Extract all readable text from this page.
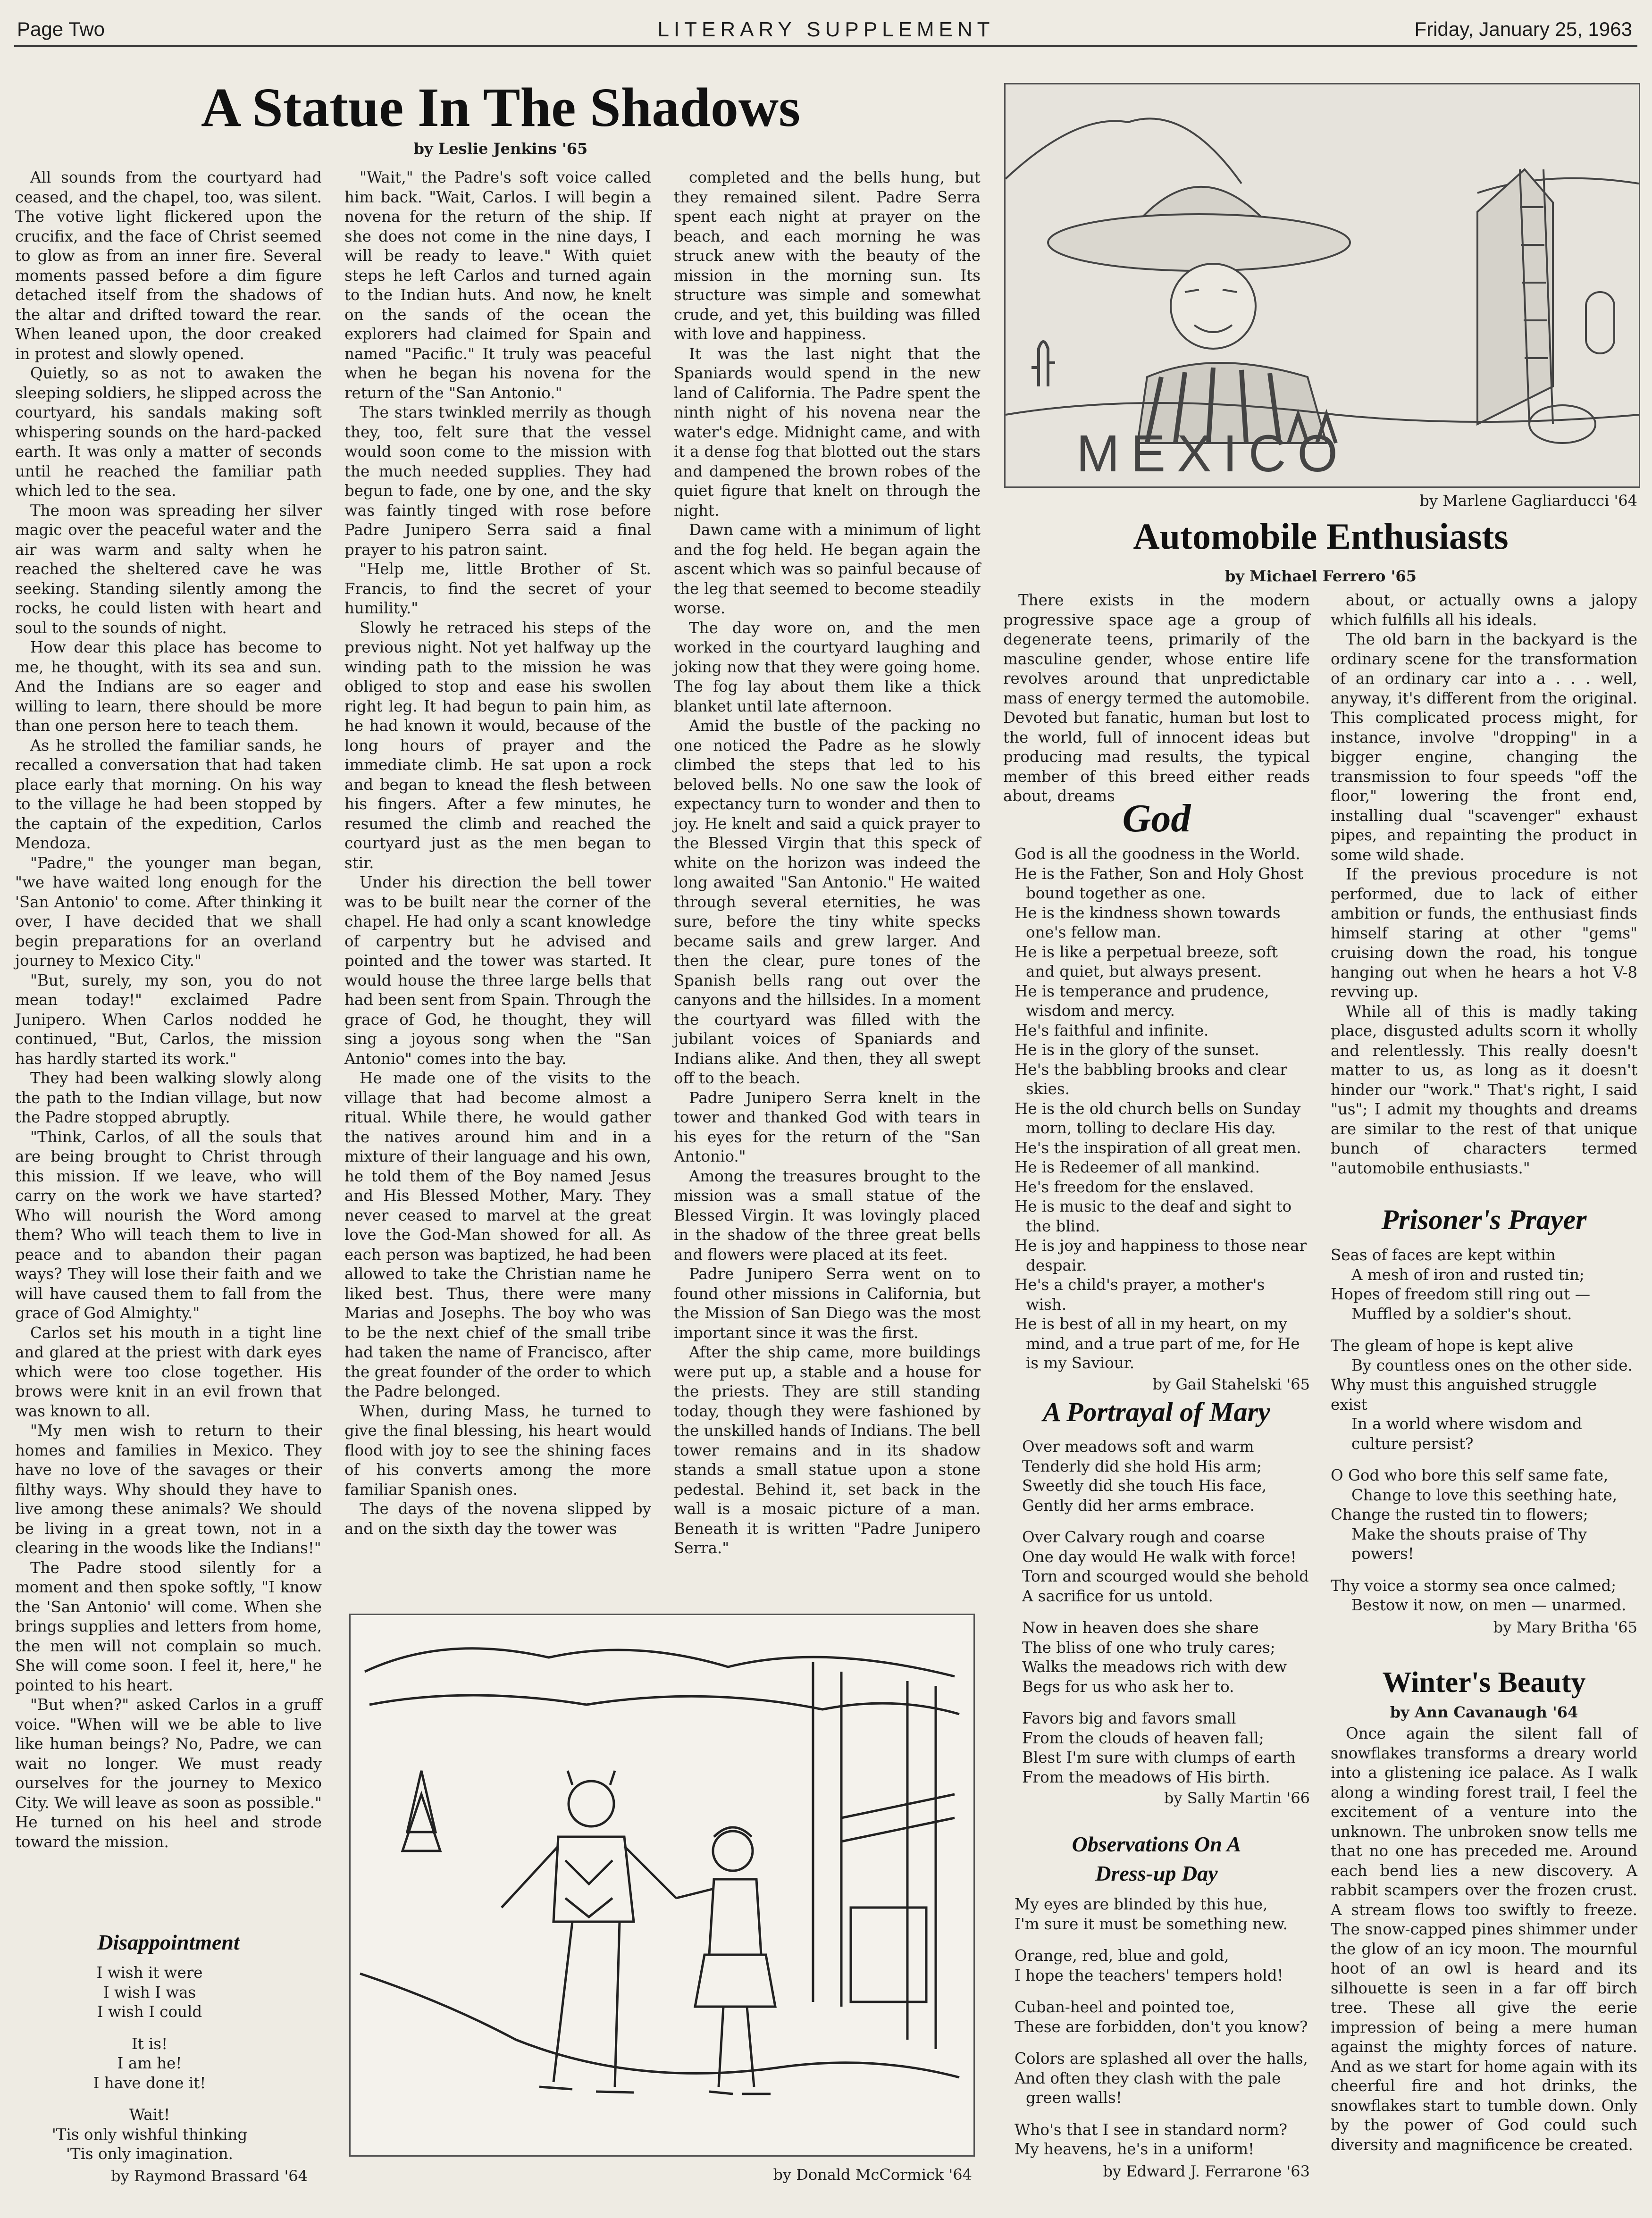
Page Two	LITERARY SUPPLEMENT	Friday, January 25, 1963
A Statue In The Shadows
by Leslie Jenkins '65

All sounds from the courtyard had ceased, and the chapel, too, was silent. The votive light flickered upon the crucifix, and the face of Christ seemed to glow as from an inner fire. Several moments passed before a dim figure detached itself from the shadows of the altar and drifted toward the rear. When leaned upon, the door creaked in protest and slowly opened.

Quietly, so as not to awaken the sleeping soldiers, he slipped across the courtyard, his sandals making soft whispering sounds on the hard-packed earth. It was only a matter of seconds until he reached the familiar path which led to the sea.

The moon was spreading her silver magic over the peaceful water and the air was warm and salty when he reached the sheltered cave he was seeking. Standing silently among the rocks, he could listen with heart and soul to the sounds of night.

How dear this place has become to me, he thought, with its sea and sun. And the Indians are so eager and willing to learn, there should be more than one person here to teach them.

As he strolled the familiar sands, he recalled a conversation that had taken place early that morning. On his way to the village he had been stopped by the captain of the expedition, Carlos Mendoza.

"Padre," the younger man began, "we have waited long enough for the 'San Antonio' to come. After thinking it over, I have decided that we shall begin preparations for an overland journey to Mexico City."

"But, surely, my son, you do not mean today!" exclaimed Padre Junipero. When Carlos nodded he continued, "But, Carlos, the mission has hardly started its work."

They had been walking slowly along the path to the Indian village, but now the Padre stopped abruptly.

"Think, Carlos, of all the souls that are being brought to Christ through this mission. If we leave, who will carry on the work we have started? Who will nourish the Word among them? Who will teach them to live in peace and to abandon their pagan ways? They will lose their faith and we will have caused them to fall from the grace of God Almighty."

Carlos set his mouth in a tight line and glared at the priest with dark eyes which were too close together. His brows were knit in an evil frown that was known to all.

"My men wish to return to their homes and families in Mexico. They have no love of the savages or their filthy ways. Why should they have to live among these animals? We should be living in a great town, not in a clearing in the woods like the Indians!"

The Padre stood silently for a moment and then spoke softly, "I know the 'San Antonio' will come. When she brings supplies and letters from home, the men will not complain so much. She will come soon. I feel it, here," he pointed to his heart.

"But when?" asked Carlos in a gruff voice. "When will we be able to live like human beings? No, Padre, we can wait no longer. We must ready ourselves for the journey to Mexico City. We will leave as soon as possible." He turned on his heel and strode toward the mission.

"Wait," the Padre's soft voice called him back. "Wait, Carlos. I will begin a novena for the return of the ship. If she does not come in the nine days, I will be ready to leave." With quiet steps he left Carlos and turned again to the Indian huts. And now, he knelt on the sands of the ocean the explorers had claimed for Spain and named "Pacific." It truly was peaceful when he began his novena for the return of the "San Antonio."

The stars twinkled merrily as though they, too, felt sure that the vessel would soon come to the mission with the much needed supplies. They had begun to fade, one by one, and the sky was faintly tinged with rose before Padre Junipero Serra said a final prayer to his patron saint.

"Help me, little Brother of St. Francis, to find the secret of your humility."

Slowly he retraced his steps of the previous night. Not yet halfway up the winding path to the mission he was obliged to stop and ease his swollen right leg. It had begun to pain him, as he had known it would, because of the long hours of prayer and the immediate climb. He sat upon a rock and began to knead the flesh between his fingers. After a few minutes, he resumed the climb and reached the courtyard just as the men began to stir.

Under his direction the bell tower was to be built near the corner of the chapel. He had only a scant knowledge of carpentry but he advised and pointed and the tower was started. It would house the three large bells that had been sent from Spain. Through the grace of God, he thought, they will sing a joyous song when the "San Antonio" comes into the bay.

He made one of the visits to the village that had become almost a ritual. While there, he would gather the natives around him and in a mixture of their language and his own, he told them of the Boy named Jesus and His Blessed Mother, Mary. They never ceased to marvel at the great love the God-Man showed for all. As each person was baptized, he had been allowed to take the Christian name he liked best. Thus, there were many Marias and Josephs. The boy who was to be the next chief of the small tribe had taken the name of Francisco, after the great founder of the order to which the Padre belonged.

When, during Mass, he turned to give the final blessing, his heart would flood with joy to see the shining faces of his converts among the more familiar Spanish ones.

The days of the novena slipped by and on the sixth day the tower was

completed and the bells hung, but they remained silent. Padre Serra spent each night at prayer on the beach, and each morning he was struck anew with the beauty of the mission in the morning sun. Its structure was simple and somewhat crude, and yet, this building was filled with love and happiness.

It was the last night that the Spaniards would spend in the new land of California. The Padre spent the ninth night of his novena near the water's edge. Midnight came, and with it a dense fog that blotted out the stars and dampened the brown robes of the quiet figure that knelt on through the night.

Dawn came with a minimum of light and the fog held. He began again the ascent which was so painful because of the leg that seemed to become steadily worse.

The day wore on, and the men worked in the courtyard laughing and joking now that they were going home. The fog lay about them like a thick blanket until late afternoon.

Amid the bustle of the packing no one noticed the Padre as he slowly climbed the steps that led to his beloved bells. No one saw the look of expectancy turn to wonder and then to joy. He knelt and said a quick prayer to the Blessed Virgin that this speck of white on the horizon was indeed the long awaited "San Antonio." He waited through several eternities, he was sure, before the tiny white specks became sails and grew larger. And then the clear, pure tones of the Spanish bells rang out over the canyons and the hillsides. In a moment the courtyard was filled with the jubilant voices of Spaniards and Indians alike. And then, they all swept off to the beach.

Padre Junipero Serra knelt in the tower and thanked God with tears in his eyes for the return of the "San Antonio."

Among the treasures brought to the mission was a small statue of the Blessed Virgin. It was lovingly placed in the shadow of the three great bells and flowers were placed at its feet.

Padre Junipero Serra went on to found other missions in California, but the Mission of San Diego was the most important since it was the first.

After the ship came, more buildings were put up, a stable and a house for the priests. They are still standing today, though they were fashioned by the unskilled hands of Indians. The bell tower remains and in its shadow stands a small statue upon a stone pedestal. Behind it, set back in the wall is a mosaic picture of a man. Beneath it is written "Padre Junipero Serra."

Disappointment
I wish it were
I wish I was
I wish I could
It is!
I am he!
I have done it!
Wait!
'Tis only wishful thinking
'Tis only imagination.
by Raymond Brassard '64	by Donald McCormick '64
MEXICO
by Marlene Gagliarducci '64
Automobile Enthusiasts
by Michael Ferrero '65

There exists in the modern progressive space age a group of degenerate teens, primarily of the masculine gender, whose entire life revolves around that unpredictable mass of energy termed the automobile. Devoted but fanatic, human but lost to the world, full of innocent ideas but producing mad results, the typical member of this breed either reads about, dreams

about, or actually owns a jalopy which fulfills all his ideals.

The old barn in the backyard is the ordinary scene for the transformation of an ordinary car into a . . . well, anyway, it's different from the original. This complicated process might, for instance, involve "dropping" in a bigger engine, changing the transmission to four speeds "off the floor," lowering the front end, installing dual "scavenger" exhaust pipes, and repainting the product in some wild shade.

If the previous procedure is not performed, due to lack of either ambition or funds, the enthusiast finds himself staring at other "gems" cruising down the road, his tongue hanging out when he hears a hot V-8 revving up.

While all of this is madly taking place, disgusted adults scorn it wholly and relentlessly. This really doesn't matter to us, as long as it doesn't hinder our "work." That's right, I said "us"; I admit my thoughts and dreams are similar to the rest of that unique bunch of characters termed "automobile enthusiasts."

God
God is all the goodness in the World.
He is the Father, Son and Holy Ghost bound together as one.
He is the kindness shown towards one's fellow man.
He is like a perpetual breeze, soft and quiet, but always present.
He is temperance and prudence, wisdom and mercy.
He's faithful and infinite.
He is in the glory of the sunset.
He's the babbling brooks and clear skies.
He is the old church bells on Sunday morn, tolling to declare His day.
He's the inspiration of all great men.
He is Redeemer of all mankind.
He's freedom for the enslaved.
He is music to the deaf and sight to the blind.
He is joy and happiness to those near despair.
He's a child's prayer, a mother's wish.
He is best of all in my heart, on my mind, and a true part of me, for He is my Saviour.
by Gail Stahelski '65
A Portrayal of Mary
Over meadows soft and warm
Tenderly did she hold His arm;
Sweetly did she touch His face,
Gently did her arms embrace.
Over Calvary rough and coarse
One day would He walk with force!
Torn and scourged would she behold
A sacrifice for us untold.
Now in heaven does she share
The bliss of one who truly cares;
Walks the meadows rich with dew
Begs for us who ask her to.
Favors big and favors small
From the clouds of heaven fall;
Blest I'm sure with clumps of earth
From the meadows of His birth.
by Sally Martin '66
Observations On A
Dress-up Day
My eyes are blinded by this hue,
I'm sure it must be something new.
Orange, red, blue and gold,
I hope the teachers' tempers hold!
Cuban-heel and pointed toe,
These are forbidden, don't you know?
Colors are splashed all over the halls,
And often they clash with the pale green walls!
Who's that I see in standard norm?
My heavens, he's in a uniform!
by Edward J. Ferrarone '63
Prisoner's Prayer
Seas of faces are kept within
A mesh of iron and rusted tin;
Hopes of freedom still ring out —
Muffled by a soldier's shout.
The gleam of hope is kept alive
By countless ones on the other side.
Why must this anguished struggle exist
In a world where wisdom and culture persist?
O God who bore this self same fate,
Change to love this seething hate,
Change the rusted tin to flowers;
Make the shouts praise of Thy powers!
Thy voice a stormy sea once calmed;
Bestow it now, on men — unarmed.
by Mary Britha '65
Winter's Beauty
by Ann Cavanaugh '64

Once again the silent fall of snowflakes transforms a dreary world into a glistening ice palace. As I walk along a winding forest trail, I feel the excitement of a venture into the unknown. The unbroken snow tells me that no one has preceded me. Around each bend lies a new discovery. A rabbit scampers over the frozen crust. A stream flows too swiftly to freeze. The snow-capped pines shimmer under the glow of an icy moon. The mournful hoot of an owl is heard and its silhouette is seen in a far off birch tree. These all give the eerie impression of being a mere human against the mighty forces of nature. And as we start for home again with its cheerful fire and hot drinks, the snowflakes start to tumble down. Only by the power of God could such diversity and magnificence be created.
